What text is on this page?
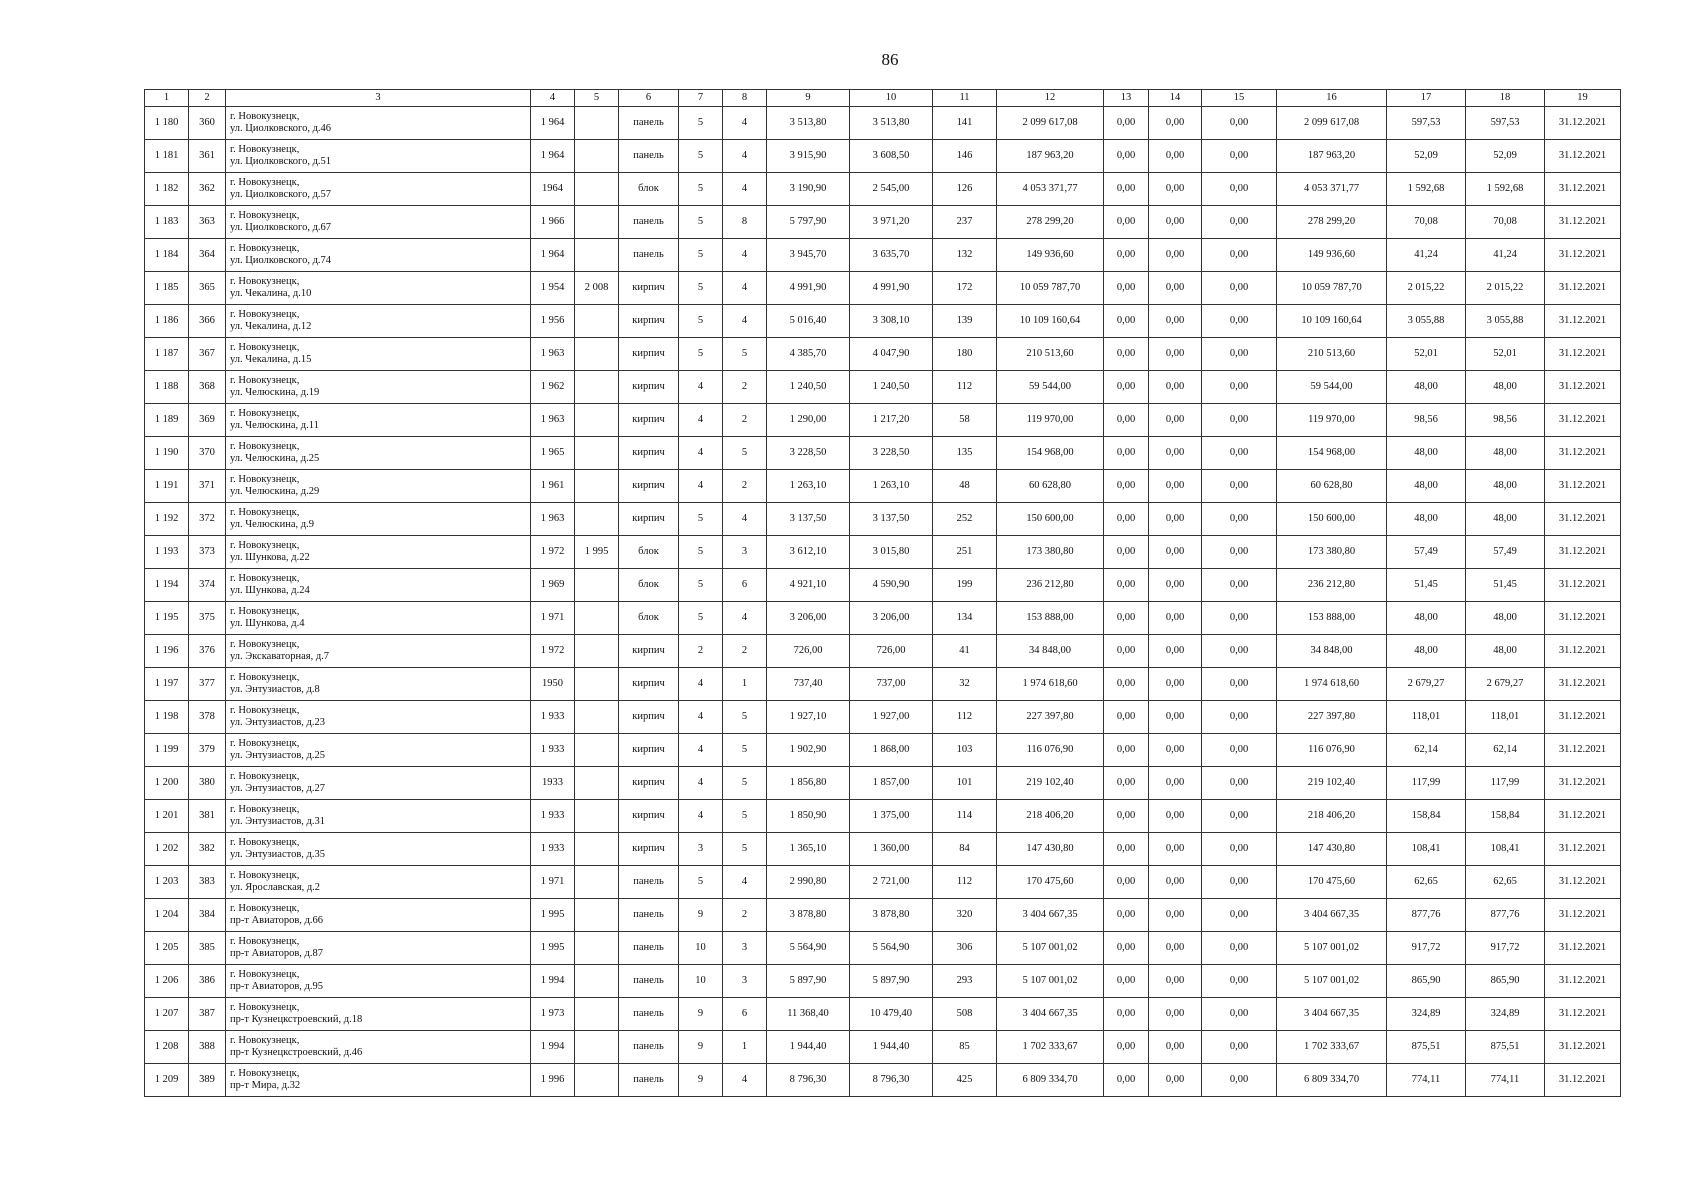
86
1	2	3	4	5	6	7	8	9	10	11	12	13	14	15	16	17	18	19
1 180	360	г. Новокузнецк,
ул. Циолковского, д.46	1 964		панель	5	4	3 513,80	3 513,80	141	2 099 617,08	0,00	0,00	0,00	2 099 617,08	597,53	597,53	31.12.2021
1 181	361	г. Новокузнецк,
ул. Циолковского, д.51	1 964		панель	5	4	3 915,90	3 608,50	146	187 963,20	0,00	0,00	0,00	187 963,20	52,09	52,09	31.12.2021
1 182	362	г. Новокузнецк,
ул. Циолковского, д.57	1964		блок	5	4	3 190,90	2 545,00	126	4 053 371,77	0,00	0,00	0,00	4 053 371,77	1 592,68	1 592,68	31.12.2021
1 183	363	г. Новокузнецк,
ул. Циолковского, д.67	1 966		панель	5	8	5 797,90	3 971,20	237	278 299,20	0,00	0,00	0,00	278 299,20	70,08	70,08	31.12.2021
1 184	364	г. Новокузнецк,
ул. Циолковского, д.74	1 964		панель	5	4	3 945,70	3 635,70	132	149 936,60	0,00	0,00	0,00	149 936,60	41,24	41,24	31.12.2021
1 185	365	г. Новокузнецк,
ул. Чекалина, д.10	1 954	2 008	кирпич	5	4	4 991,90	4 991,90	172	10 059 787,70	0,00	0,00	0,00	10 059 787,70	2 015,22	2 015,22	31.12.2021
1 186	366	г. Новокузнецк,
ул. Чекалина, д.12	1 956		кирпич	5	4	5 016,40	3 308,10	139	10 109 160,64	0,00	0,00	0,00	10 109 160,64	3 055,88	3 055,88	31.12.2021
1 187	367	г. Новокузнецк,
ул. Чекалина, д.15	1 963		кирпич	5	5	4 385,70	4 047,90	180	210 513,60	0,00	0,00	0,00	210 513,60	52,01	52,01	31.12.2021
1 188	368	г. Новокузнецк,
ул. Челюскина, д.19	1 962		кирпич	4	2	1 240,50	1 240,50	112	59 544,00	0,00	0,00	0,00	59 544,00	48,00	48,00	31.12.2021
1 189	369	г. Новокузнецк,
ул. Челюскина, д.11	1 963		кирпич	4	2	1 290,00	1 217,20	58	119 970,00	0,00	0,00	0,00	119 970,00	98,56	98,56	31.12.2021
1 190	370	г. Новокузнецк,
ул. Челюскина, д.25	1 965		кирпич	4	5	3 228,50	3 228,50	135	154 968,00	0,00	0,00	0,00	154 968,00	48,00	48,00	31.12.2021
1 191	371	г. Новокузнецк,
ул. Челюскина, д.29	1 961		кирпич	4	2	1 263,10	1 263,10	48	60 628,80	0,00	0,00	0,00	60 628,80	48,00	48,00	31.12.2021
1 192	372	г. Новокузнецк,
ул. Челюскина, д.9	1 963		кирпич	5	4	3 137,50	3 137,50	252	150 600,00	0,00	0,00	0,00	150 600,00	48,00	48,00	31.12.2021
1 193	373	г. Новокузнецк,
ул. Шункова, д.22	1 972	1 995	блок	5	3	3 612,10	3 015,80	251	173 380,80	0,00	0,00	0,00	173 380,80	57,49	57,49	31.12.2021
1 194	374	г. Новокузнецк,
ул. Шункова, д.24	1 969		блок	5	6	4 921,10	4 590,90	199	236 212,80	0,00	0,00	0,00	236 212,80	51,45	51,45	31.12.2021
1 195	375	г. Новокузнецк,
ул. Шункова, д.4	1 971		блок	5	4	3 206,00	3 206,00	134	153 888,00	0,00	0,00	0,00	153 888,00	48,00	48,00	31.12.2021
1 196	376	г. Новокузнецк,
ул. Экскаваторная, д.7	1 972		кирпич	2	2	726,00	726,00	41	34 848,00	0,00	0,00	0,00	34 848,00	48,00	48,00	31.12.2021
1 197	377	г. Новокузнецк,
ул. Энтузиастов, д.8	1950		кирпич	4	1	737,40	737,00	32	1 974 618,60	0,00	0,00	0,00	1 974 618,60	2 679,27	2 679,27	31.12.2021
1 198	378	г. Новокузнецк,
ул. Энтузиастов, д.23	1 933		кирпич	4	5	1 927,10	1 927,00	112	227 397,80	0,00	0,00	0,00	227 397,80	118,01	118,01	31.12.2021
1 199	379	г. Новокузнецк,
ул. Энтузиастов, д.25	1 933		кирпич	4	5	1 902,90	1 868,00	103	116 076,90	0,00	0,00	0,00	116 076,90	62,14	62,14	31.12.2021
1 200	380	г. Новокузнецк,
ул. Энтузиастов, д.27	1933		кирпич	4	5	1 856,80	1 857,00	101	219 102,40	0,00	0,00	0,00	219 102,40	117,99	117,99	31.12.2021
1 201	381	г. Новокузнецк,
ул. Энтузиастов, д.31	1 933		кирпич	4	5	1 850,90	1 375,00	114	218 406,20	0,00	0,00	0,00	218 406,20	158,84	158,84	31.12.2021
1 202	382	г. Новокузнецк,
ул. Энтузиастов, д.35	1 933		кирпич	3	5	1 365,10	1 360,00	84	147 430,80	0,00	0,00	0,00	147 430,80	108,41	108,41	31.12.2021
1 203	383	г. Новокузнецк,
ул. Ярославская, д.2	1 971		панель	5	4	2 990,80	2 721,00	112	170 475,60	0,00	0,00	0,00	170 475,60	62,65	62,65	31.12.2021
1 204	384	г. Новокузнецк,
пр-т Авиаторов, д.66	1 995		панель	9	2	3 878,80	3 878,80	320	3 404 667,35	0,00	0,00	0,00	3 404 667,35	877,76	877,76	31.12.2021
1 205	385	г. Новокузнецк,
пр-т Авиаторов, д.87	1 995		панель	10	3	5 564,90	5 564,90	306	5 107 001,02	0,00	0,00	0,00	5 107 001,02	917,72	917,72	31.12.2021
1 206	386	г. Новокузнецк,
пр-т Авиаторов, д.95	1 994		панель	10	3	5 897,90	5 897,90	293	5 107 001,02	0,00	0,00	0,00	5 107 001,02	865,90	865,90	31.12.2021
1 207	387	г. Новокузнецк,
пр-т Кузнецкстроевский, д.18	1 973		панель	9	6	11 368,40	10 479,40	508	3 404 667,35	0,00	0,00	0,00	3 404 667,35	324,89	324,89	31.12.2021
1 208	388	г. Новокузнецк,
пр-т Кузнецкстроевский, д.46	1 994		панель	9	1	1 944,40	1 944,40	85	1 702 333,67	0,00	0,00	0,00	1 702 333,67	875,51	875,51	31.12.2021
1 209	389	г. Новокузнецк,
пр-т Мира, д.32	1 996		панель	9	4	8 796,30	8 796,30	425	6 809 334,70	0,00	0,00	0,00	6 809 334,70	774,11	774,11	31.12.2021
